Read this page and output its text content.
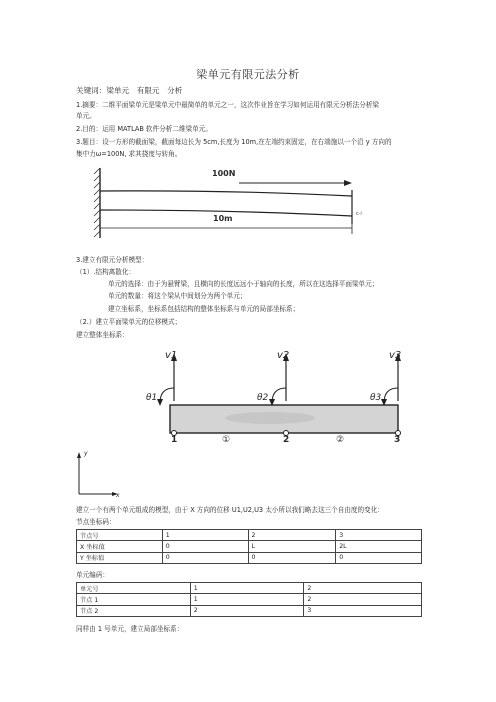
梁单元有限元法分析
关键词：梁单元　有限元　分析
1.摘要：二维平面梁单元是梁单元中最简单的单元之一，这次作业旨在学习如何运用有限元分析法分析梁
单元。
2.目的：运用 MATLAB 软件分析二维梁单元。
3.题目：设一方形的截面梁，截面每边长为 5cm,长度为 10m,在左端约束固定，在右端施以一个沿 y 方向的
集中力ω=100N, 求其挠度与转角。
c·i
100N
10m
3.建立有限元分析模型：
（1）.结构离散化：
单元的选择：由于为悬臂梁，且横向的长度远远小于轴向的长度，所以在这选择平面梁单元；
单元的数量：将这个梁从中间划分为两个单元；
建立坐标系，坐标系包括结构的整体坐标系与单元的局部坐标系；
（2.）建立平面梁单元的位移模式；
建立整体坐标系：
v1	v2	v3
θ1	θ2	θ3
1	2	3
①	②
y
x
建立一个有两个单元组成的模型，由于 X 方向的位移 U1,U2,U3 太小所以我们略去这三个自由度的变化：
节点坐标码：
节点号	1	2	3
X 坐标值	0	L	2L
Y 坐标值	0	0	0
单元编码：
单元号	1	2
节点 1	1	2
节点 2	2	3
同样由 1 号单元，建立局部坐标系：
